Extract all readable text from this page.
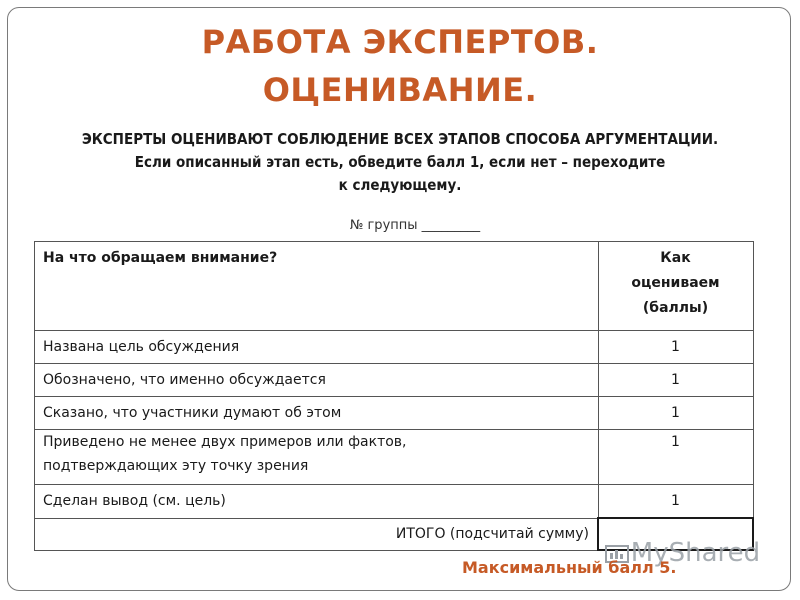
РАБОТА ЭКСПЕРТОВ.
ОЦЕНИВАНИЕ.
ЭКСПЕРТЫ ОЦЕНИВАЮТ СОБЛЮДЕНИЕ ВСЕХ ЭТАПОВ СПОСОБА АРГУМЕНТАЦИИ.
Если описанный этап есть, обведите балл 1, если нет – переходите
к следующему.
№ группы _________
На что обращаем внимание?	Как
оцениваем
(баллы)

Названа цель обсуждения	1
Обозначено, что именно обсуждается	1
Сказано, что участники думают об этом	1

Приведено не менее двух примеров или фактов,
подтверждающих эту точку зрения	1
Сделан вывод (см. цель)	1
ИТОГО (подсчитай сумму)	
MyShared
Максимальный балл 5.
